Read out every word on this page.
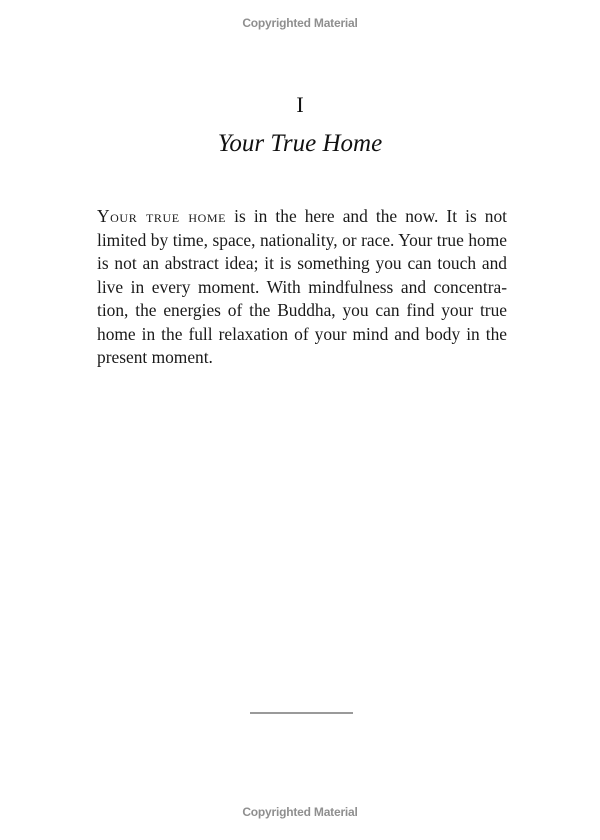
Copyrighted Material
I
Your True Home
Your true home is in the here and the now. It is not
limited by time, space, nationality, or race. Your true home
is not an abstract idea; it is something you can touch and
live in every moment. With mindfulness and concentra-
tion, the energies of the Buddha, you can find your true
home in the full relaxation of your mind and body in the
present moment.
Copyrighted Material
